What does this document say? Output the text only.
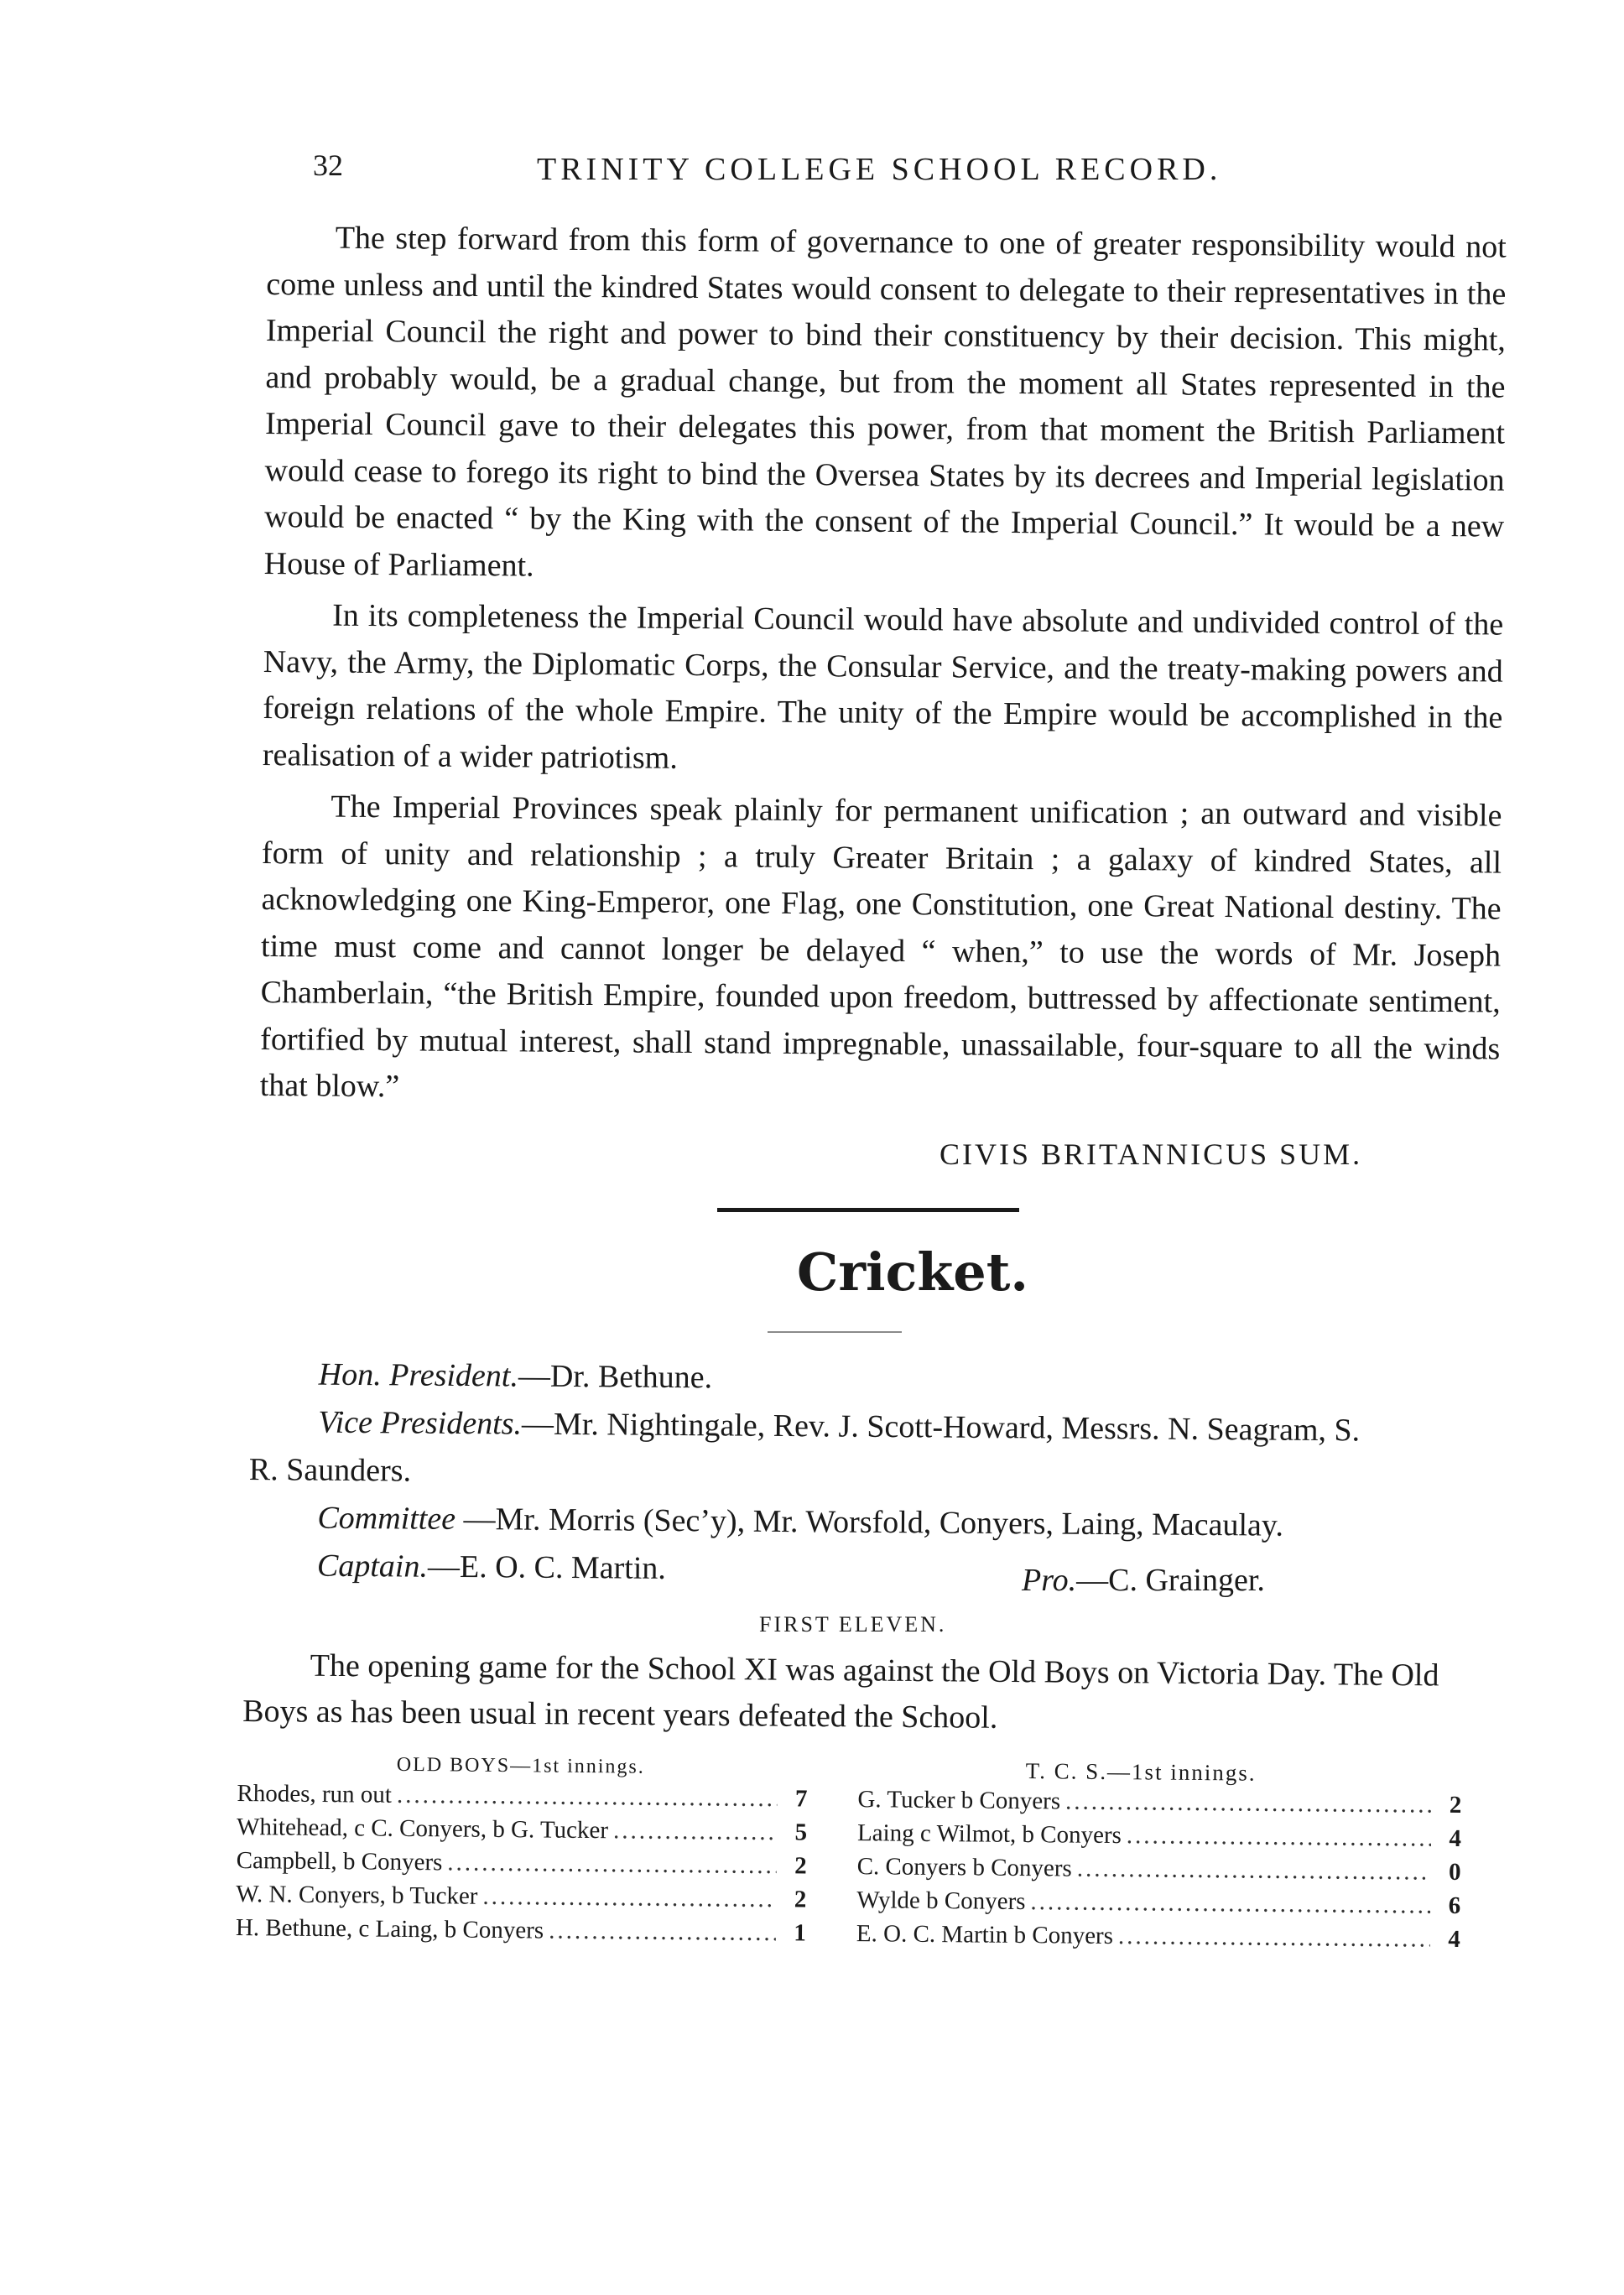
32	TRINITY COLLEGE SCHOOL RECORD.

The step forward from this form of governance to one of greater responsibility would not come unless and until the kindred States would consent to delegate to their representatives in the Imperial Council the right and power to bind their constituency by their decision. This might, and probably would, be a gradual change, but from the moment all States represented in the Imperial Council gave to their delegates this power, from that moment the British Parliament would cease to forego its right to bind the Oversea States by its decrees and Imperial legislation would be enacted “ by the King with the consent of the Imperial Council.” It would be a new House of Parliament.

In its completeness the Imperial Council would have absolute and undivided control of the Navy, the Army, the Diplomatic Corps, the Consular Service, and the treaty-making powers and foreign relations of the whole Empire. The unity of the Empire would be accomplished in the realisation of a wider patriotism.

The Imperial Provinces speak plainly for permanent unification ; an outward and visible form of unity and relationship ; a truly Greater Britain ; a galaxy of kindred States, all acknowledging one King-Emperor, one Flag, one Constitution, one Great National destiny. The time must come and cannot longer be delayed “ when,” to use the words of Mr. Joseph Chamberlain, “the British Empire, founded upon freedom, buttressed by affectionate sentiment, fortified by mutual interest, shall stand impregnable, unassailable, four-square to all the winds that blow.”

CIVIS BRITANNICUS SUM.
Cricket.

Hon. President.—Dr. Bethune.

Vice Presidents.—Mr. Nightingale, Rev. J. Scott-Howard, Messrs. N. Seagram, S.

R. Saunders.

Committee —Mr. Morris (Sec’y), Mr. Worsfold, Conyers, Laing, Macaulay.

Captain.—E. O. C. Martin.	Pro.—C. Grainger.
FIRST ELEVEN.

The opening game for the School XI was against the Old Boys on Victoria Day. The Old Boys as has been usual in recent years defeated the School.

OLD BOYS—1st innings.
Rhodes, run out .....	7
Whitehead, c C. Conyers, b G. Tucker .....	5
Campbell, b Conyers .....	2
W. N. Conyers, b Tucker .....	2
H. Bethune, c Laing, b Conyers .....	1
T. C. S.—1st innings.
G. Tucker b Conyers .....	2
Laing c Wilmot, b Conyers .....	4
C. Conyers b Conyers .....	0
Wylde b Conyers .....	6
E. O. C. Martin b Conyers .....	4
